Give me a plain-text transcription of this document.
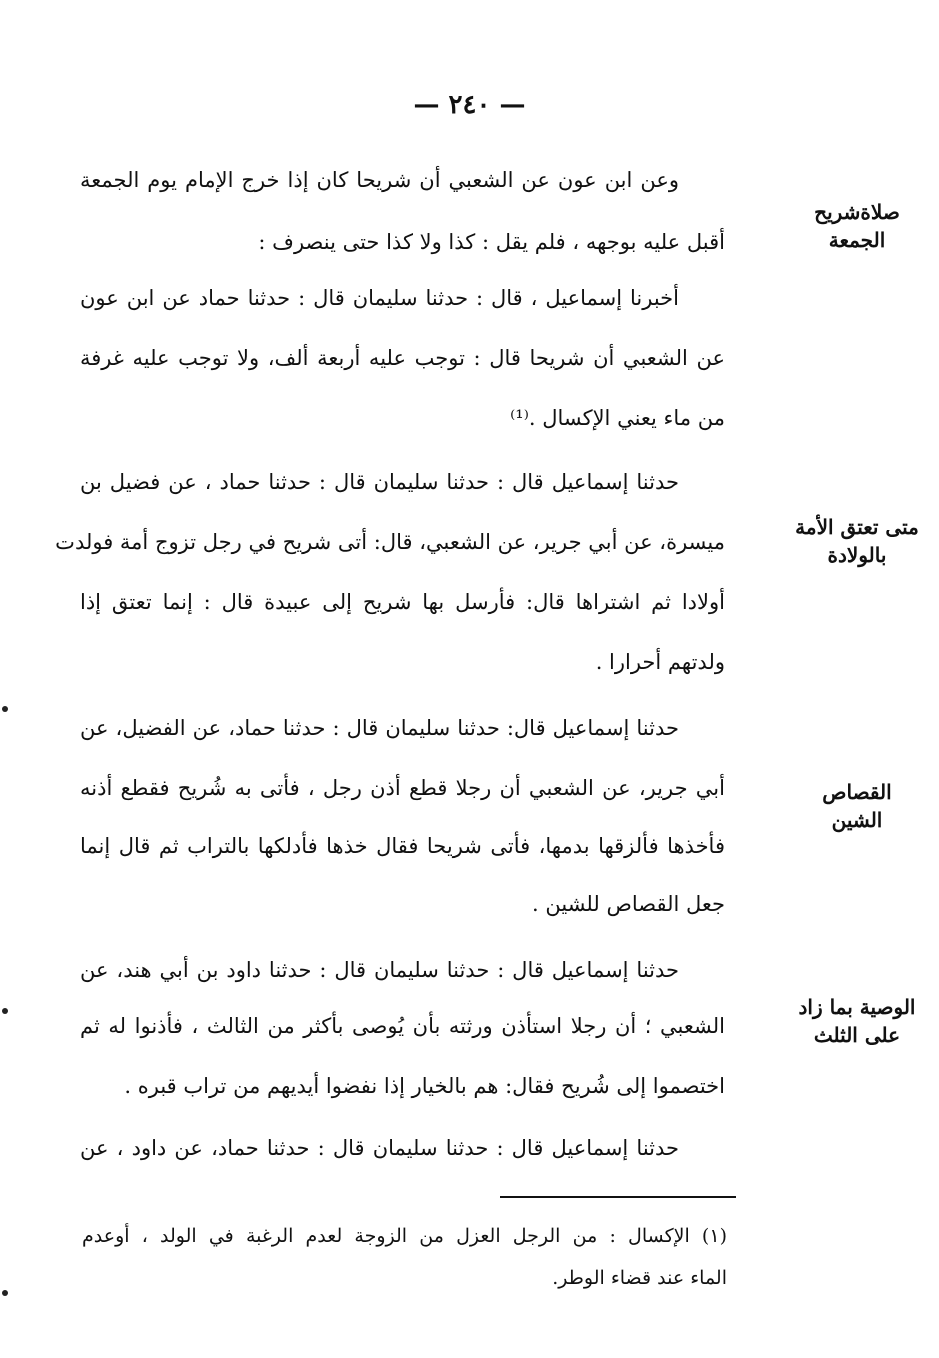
— ٢٤٠ —
صلاةشريح
الجمعة
وعن ابن عون عن الشعبي أن شريحا كان إذا خرج الإمام يوم الجمعة
أقبل عليه بوجهه ، فلم يقل : كذا ولا كذا حتى ينصرف :
أخبرنا إسماعيل ، قال : حدثنا سليمان قال : حدثنا حماد عن ابن عون
عن الشعبي أن شريحا قال : توجب عليه أربعة ألف، ولا توجب عليه غرفة
من ماء يعني الإكسال .⁽¹⁾
متى تعتق الأمة
بالولادة
حدثنا إسماعيل قال : حدثنا سليمان قال : حدثنا حماد ، عن فضيل بن
ميسرة، عن أبي جرير، عن الشعبي، قال: أتى شريح في رجل تزوج أمة فولدت
أولادا ثم اشتراها قال: فأرسل بها شريح إلى عبيدة قال : إنما تعتق إذا
ولدتهم أحرارا .
القصاص
الشين
حدثنا إسماعيل قال: حدثنا سليمان قال : حدثنا حماد، عن الفضيل، عن
أبي جرير، عن الشعبي أن رجلا قطع أذن رجل ، فأتى به شُريح فقطع أذنه
فأخذها فألزقها بدمها، فأتى شريحا فقال خذها فأدلكها بالتراب ثم قال إنما
جعل القصاص للشين .
الوصية بما زاد
على الثلث
حدثنا إسماعيل قال : حدثنا سليمان قال : حدثنا داود بن أبي هند، عن
الشعبي ؛ أن رجلا استأذن ورثته بأن يُوصى بأكثر من الثالث ، فأذنوا له ثم
اختصموا إلى شُريح فقال: هم بالخيار إذا نفضوا أيديهم من تراب قبره .
حدثنا إسماعيل قال : حدثنا سليمان قال : حدثنا حماد، عن داود ، عن
(١) الإكسال : من الرجل العزل من الزوجة لعدم الرغبة في الولد ، أوعدم
الماء عند قضاء الوطر.
